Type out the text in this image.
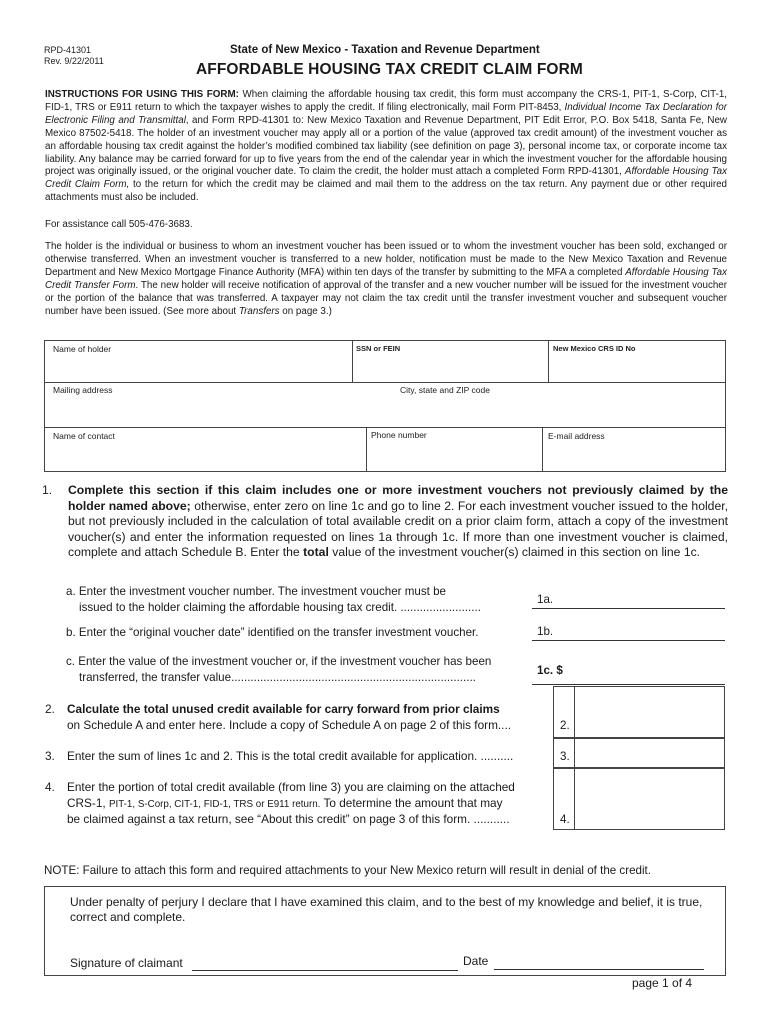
RPD-41301
Rev. 9/22/2011
State of New Mexico - Taxation and Revenue Department
AFFORDABLE HOUSING TAX CREDIT CLAIM FORM
INSTRUCTIONS FOR USING THIS FORM: When claiming the affordable housing tax credit, this form must accompany the CRS-1, PIT-1, S-Corp, CIT-1, FID-1, TRS or E911 return to which the taxpayer wishes to apply the credit. If filing electronically, mail Form PIT-8453, Individual Income Tax Declaration for Electronic Filing and Transmittal, and Form RPD-41301 to: New Mexico Taxation and Revenue Department, PIT Edit Error, P.O. Box 5418, Santa Fe, New Mexico 87502-5418. The holder of an investment voucher may apply all or a portion of the value (approved tax credit amount) of the investment voucher as an affordable housing tax credit against the holder’s modified combined tax liability (see definition on page 3), personal income tax, or corporate income tax liability. Any balance may be carried forward for up to five years from the end of the calendar year in which the investment voucher for the affordable housing project was originally issued, or the original voucher date. To claim the credit, the holder must attach a completed Form RPD-41301, Affordable Housing Tax Credit Claim Form, to the return for which the credit may be claimed and mail them to the address on the tax return. Any payment due or other required attachments must also be included.
For assistance call 505-476-3683.
The holder is the individual or business to whom an investment voucher has been issued or to whom the investment voucher has been sold, exchanged or otherwise transferred. When an investment voucher is transferred to a new holder, notification must be made to the New Mexico Taxation and Revenue Department and New Mexico Mortgage Finance Authority (MFA) within ten days of the transfer by submitting to the MFA a completed Affordable Housing Tax Credit Transfer Form. The new holder will receive notification of approval of the transfer and a new voucher number will be issued for the investment voucher or the portion of the balance that was transferred. A taxpayer may not claim the tax credit until the transfer investment voucher and subsequent voucher number have been issued. (See more about Transfers on page 3.)
Name of holder	SSN or FEIN	New Mexico CRS ID No
Mailing address	City, state and ZIP code
Name of contact	Phone number	E-mail address
1. Complete this section if this claim includes one or more investment vouchers not previously claimed by the holder named above; otherwise, enter zero on line 1c and go to line 2. For each investment voucher issued to the holder, but not previously included in the calculation of total available credit on a prior claim form, attach a copy of the investment voucher(s) and enter the information requested on lines 1a through 1c. If more than one investment voucher is claimed, complete and attach Schedule B. Enter the total value of the investment voucher(s) claimed in this section on line 1c.
a. Enter the investment voucher number. The investment voucher must be
issued to the holder claiming the affordable housing tax credit. .........................
1a.
b. Enter the “original voucher date” identified on the transfer investment voucher.	1b.
c. Enter the value of the investment voucher or, if the investment voucher has been
transferred, the transfer value............................................................................
1c. $
2. Calculate the total unused credit available for carry forward from prior claims
on Schedule A and enter here. Include a copy of Schedule A on page 2 of this form....	2.
3. Enter the sum of lines 1c and 2. This is the total credit available for application. ..........	3.
4. Enter the portion of total credit available (from line 3) you are claiming on the attached
CRS-1, PIT-1, S-Corp, CIT-1, FID-1, TRS or E911 return. To determine the amount that may
be claimed against a tax return, see “About this credit” on page 3 of this form. ...........	4.
NOTE: Failure to attach this form and required attachments to your New Mexico return will result in denial of the credit.
Under penalty of perjury I declare that I have examined this claim, and to the best of my knowledge and belief, it is true, correct and complete.
Signature of claimant	Date
page 1 of 4
